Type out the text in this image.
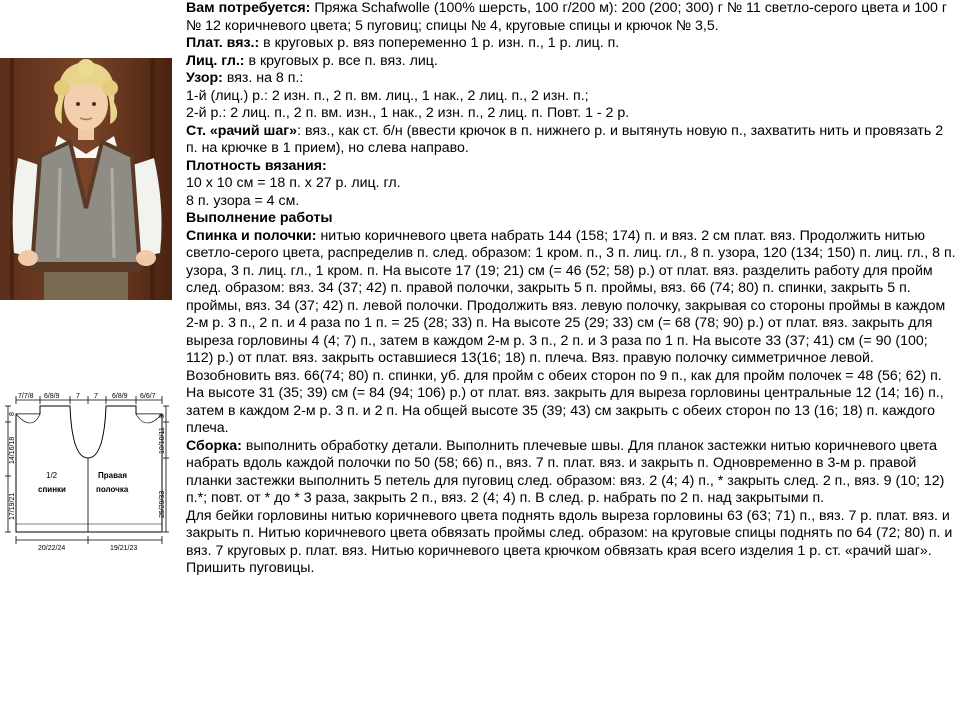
7/7/8 6/8/9 7 7 6/8/9 6/6/7
1/2
спинки
Правая
полочка
8
14/16/18
17/19/21
8
10/10/11
25/29/33
20/22/24	19/21/23

Вам потребуется: Пряжа Schafwolle (100% шерсть, 100 г/200 м): 200 (200; 300) г № 11 светло-серого цвета и 100 г № 12 коричневого цвета; 5 пуговиц; спицы № 4, круговые спицы и крючок № 3,5.

Плат. вяз.: в круговых р. вяз попеременно 1 р. изн. п., 1 р. лиц. п.

Лиц. гл.: в круговых р. все п. вяз. лиц.

Узор: вяз. на 8 п.:

1-й (лиц.) р.: 2 изн. п., 2 п. вм. лиц., 1 нак., 2 лиц. п., 2 изн. п.;

2-й р.: 2 лиц. п., 2 п. вм. изн., 1 нак., 2 изн. п., 2 лиц. п. Повт. 1 - 2 р.

Ст. «рачий шаг»: вяз., как ст. б/н (ввести крючок в п. нижнего р. и вытянуть новую п., захватить нить и провязать 2 п. на крючке в 1 прием), но слева направо.

Плотность вязания:

10 х 10 см = 18 п. х 27 р. лиц. гл.

8 п. узора = 4 см.

Выполнение работы

Спинка и полочки: нитью коричневого цвета набрать 144 (158; 174) п. и вяз. 2 см плат. вяз. Продолжить нитью светло-серого цвета, распределив п. след. образом: 1 кром. п., 3 п. лиц. гл., 8 п. узора, 120 (134; 150) п. лиц. гл., 8 п. узора, 3 п. лиц. гл., 1 кром. п. На высоте 17 (19; 21) см (= 46 (52; 58) р.) от плат. вяз. разделить работу для пройм след. образом: вяз. 34 (37; 42) п. правой полочки, закрыть 5 п. проймы, вяз. 66 (74; 80) п. спинки, закрыть 5 п. проймы, вяз. 34 (37; 42) п. левой полочки. Продолжить вяз. левую полочку, закрывая со стороны проймы в каждом 2-м р. 3 п., 2 п. и 4 раза по 1 п. = 25 (28; 33) п. На высоте 25 (29; 33) см (= 68 (78; 90) р.) от плат. вяз. закрыть для выреза горловины 4 (4; 7) п., затем в каждом 2-м р. 3 п., 2 п. и 3 раза по 1 п. На высоте 33 (37; 41) см (= 90 (100; 112) р.) от плат. вяз. закрыть оставшиеся 13(16; 18) п. плеча. Вяз. правую полочку симметричное левой. Возобновить вяз. 66(74; 80) п. спинки, уб. для пройм с обеих сторон по 9 п., как для пройм полочек = 48 (56; 62) п. На высоте 31 (35; 39) см (= 84 (94; 106) р.) от плат. вяз. закрыть для выреза горловины центральные 12 (14; 16) п., затем в каждом 2-м р. 3 п. и 2 п. На общей высоте 35 (39; 43) см закрыть с обеих сторон по 13 (16; 18) п. каждого плеча.

Сборка: выполнить обработку детали. Выполнить плечевые швы. Для планок застежки нитью коричневого цвета набрать вдоль каждой полочки по 50 (58; 66) п., вяз. 7 п. плат. вяз. и закрыть п. Одновременно в 3-м р. правой планки застежки выполнить 5 петель для пуговиц след. образом: вяз. 2 (4; 4) п., * закрыть след. 2 п., вяз. 9 (10; 12) п.*; повт. от * до * 3 раза, закрыть 2 п., вяз. 2 (4; 4) п. В след. р. набрать по 2 п. над закрытыми п.

Для бейки горловины нитью коричневого цвета поднять вдоль выреза горловины 63 (63; 71) п., вяз. 7 р. плат. вяз. и закрыть п. Нитью коричневого цвета обвязать проймы след. образом: на круговые спицы поднять по 64 (72; 80) п. и вяз. 7 круговых р. плат. вяз. Нитью коричневого цвета крючком обвязать края всего изделия 1 р. ст. «рачий шаг». Пришить пуговицы.
